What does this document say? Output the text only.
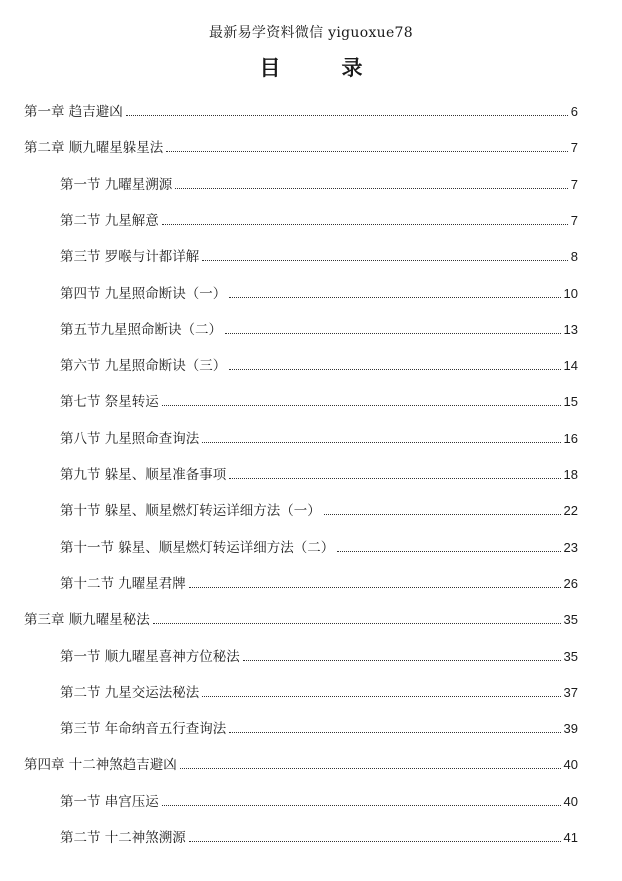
最新易学资料微信 yiguoxue78
目　录
第一章 趋吉避凶	6
第二章 顺九曜星躲星法	7
第一节 九曜星溯源	7
第二节 九星解意	7
第三节 罗喉与计都详解	8
第四节 九星照命断诀（一）	10
第五节九星照命断诀（二）	13
第六节 九星照命断诀（三）	14
第七节 祭星转运	15
第八节 九星照命查询法	16
第九节 躲星、顺星准备事项	18
第十节 躲星、顺星燃灯转运详细方法（一）	22
第十一节 躲星、顺星燃灯转运详细方法（二）	23
第十二节 九曜星君牌	26
第三章 顺九曜星秘法	35
第一节 顺九曜星喜神方位秘法	35
第二节 九星交运法秘法	37
第三节 年命纳音五行查询法	39
第四章 十二神煞趋吉避凶	40
第一节 串宫压运	40
第二节 十二神煞溯源	41
